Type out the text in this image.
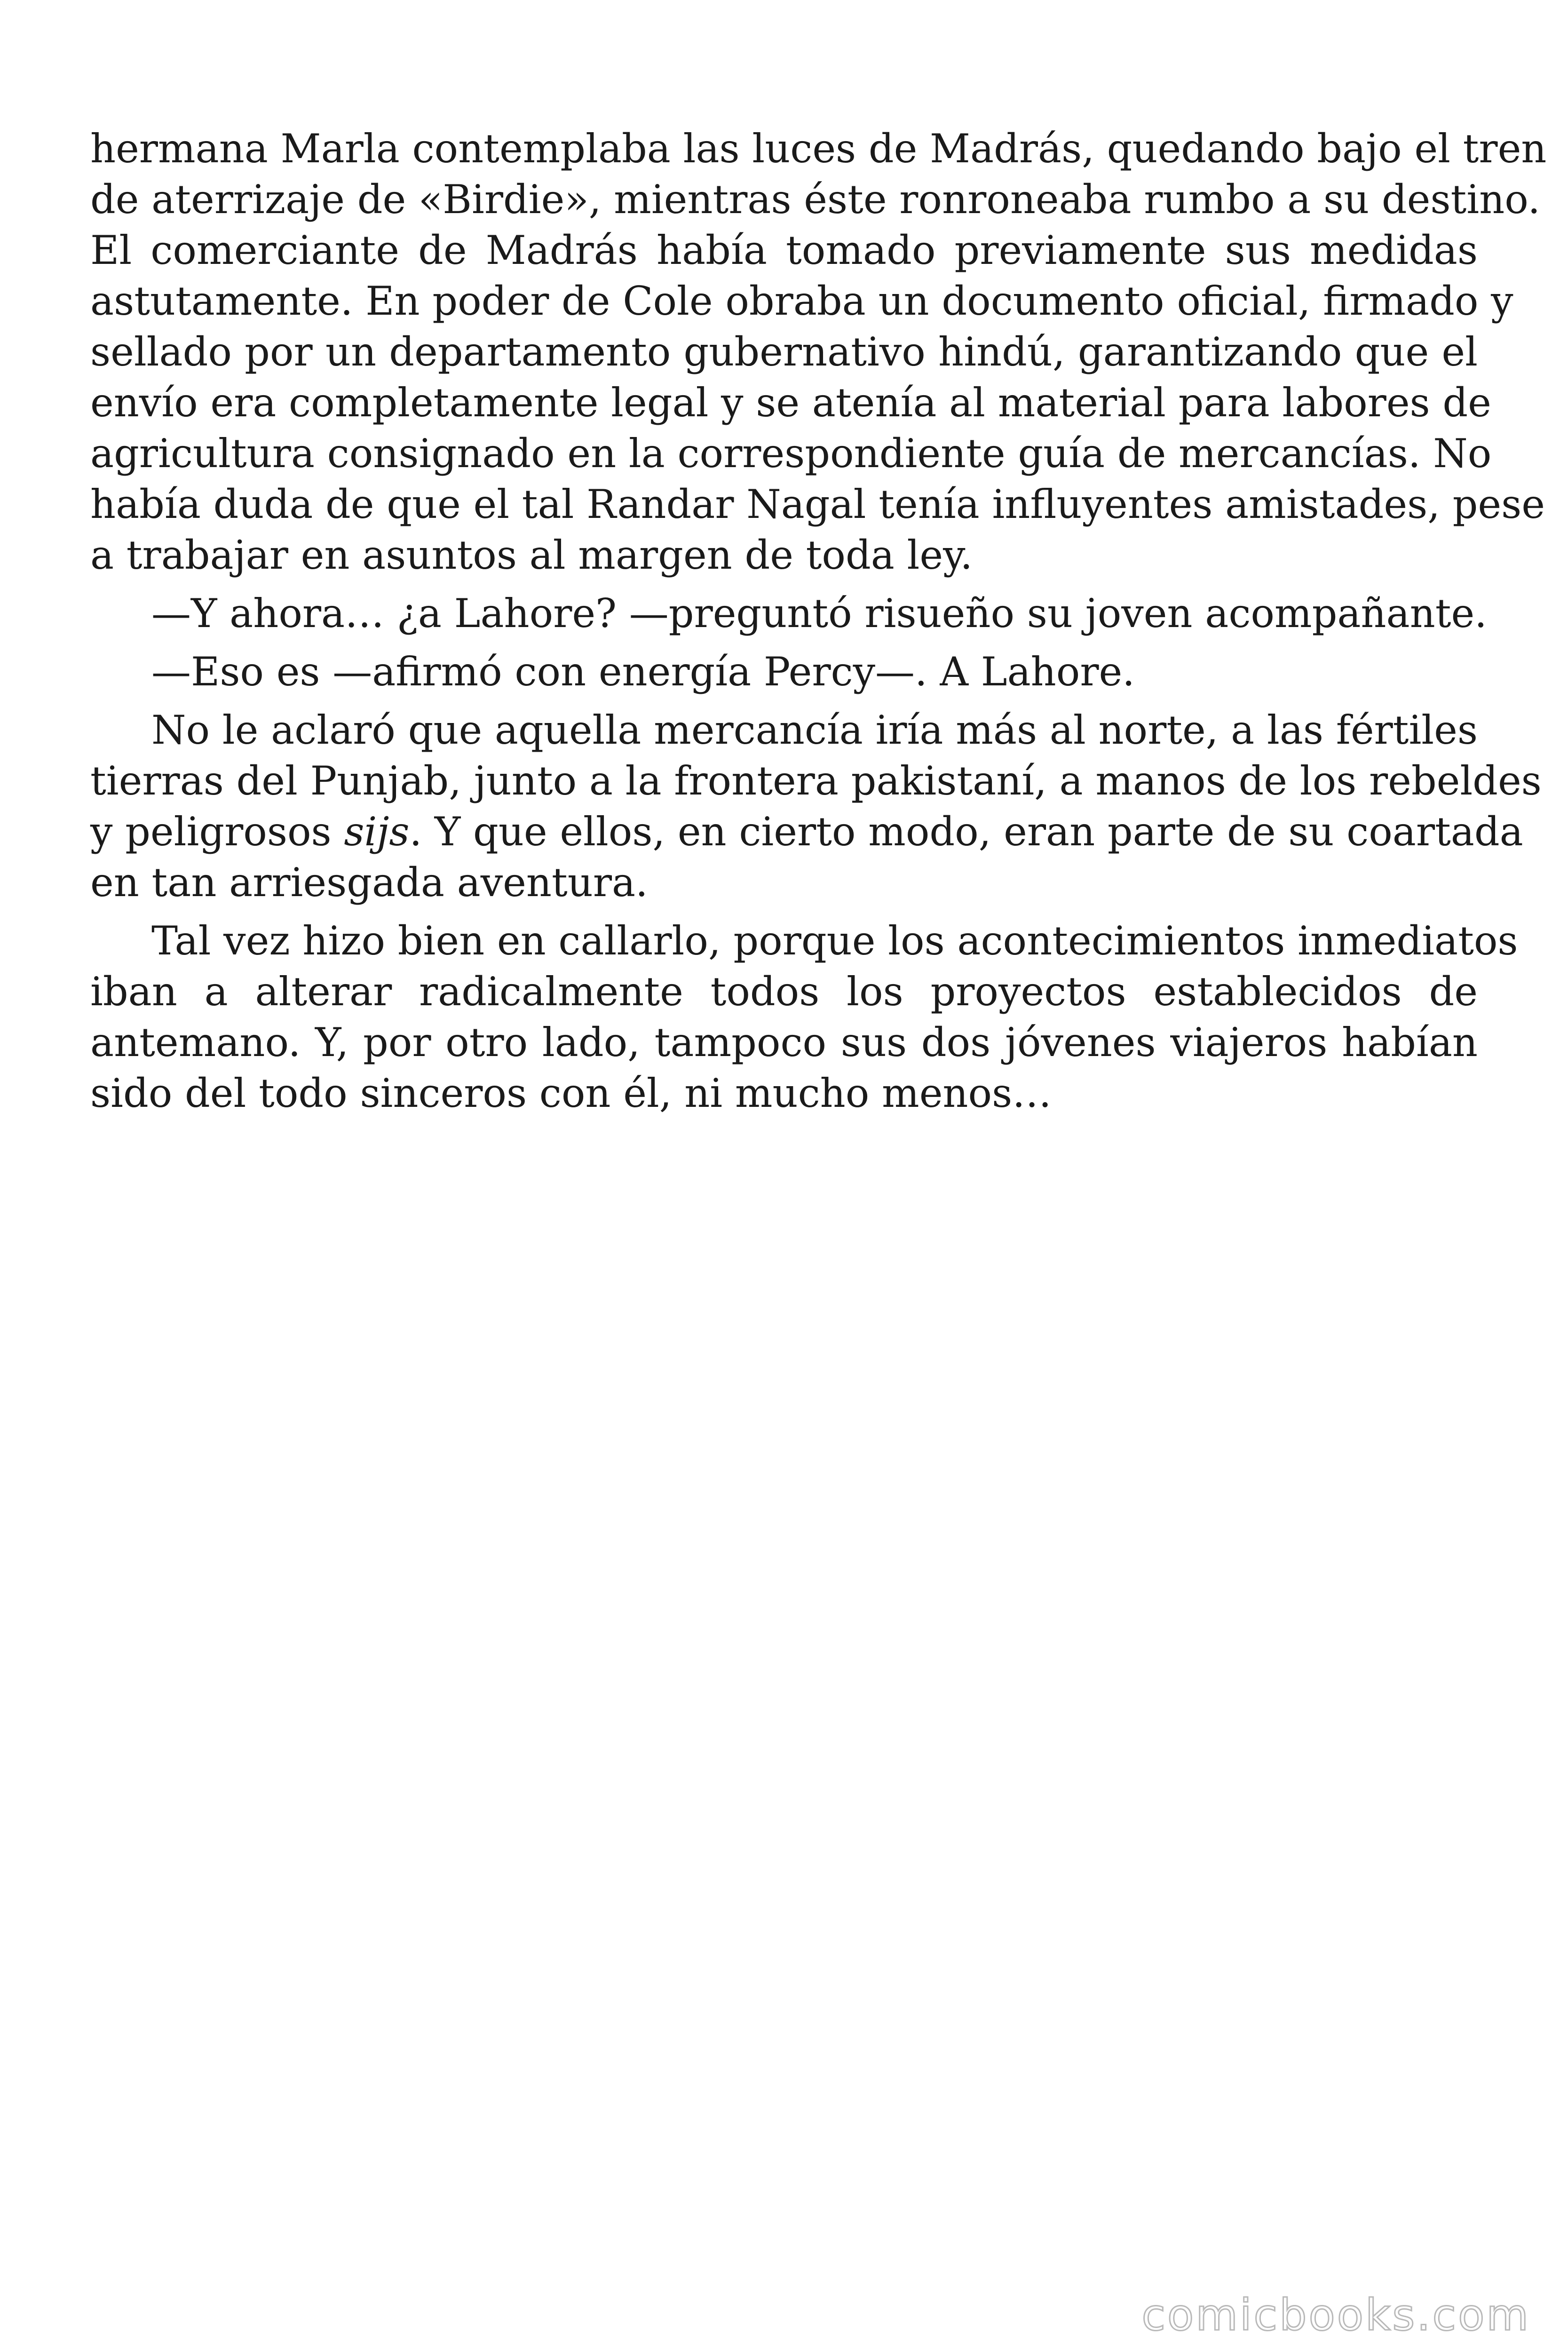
hermana Marla contemplaba las luces de Madrás, quedando bajo el tren
de aterrizaje de «Birdie», mientras éste ronroneaba rumbo a su destino.
El comerciante de Madrás había tomado previamente sus medidas
astutamente. En poder de Cole obraba un documento oficial, firmado y
sellado por un departamento gubernativo hindú, garantizando que el
envío era completamente legal y se atenía al material para labores de
agricultura consignado en la correspondiente guía de mercancías. No
había duda de que el tal Randar Nagal tenía influyentes amistades, pese
a trabajar en asuntos al margen de toda ley.
—Y ahora… ¿a Lahore? —preguntó risueño su joven acompañante.
—Eso es —afirmó con energía Percy—. A Lahore.
No le aclaró que aquella mercancía iría más al norte, a las fértiles
tierras del Punjab, junto a la frontera pakistaní, a manos de los rebeldes
y peligrosos sijs. Y que ellos, en cierto modo, eran parte de su coartada
en tan arriesgada aventura.
Tal vez hizo bien en callarlo, porque los acontecimientos inmediatos
iban a alterar radicalmente todos los proyectos establecidos de
antemano. Y, por otro lado, tampoco sus dos jóvenes viajeros habían
sido del todo sinceros con él, ni mucho menos…
comicbooks.com
